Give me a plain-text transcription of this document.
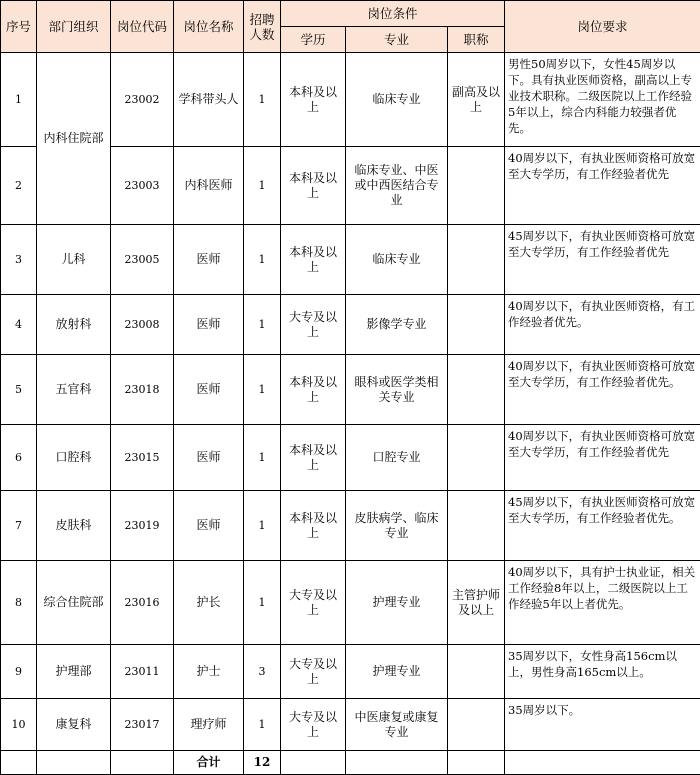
序号	部门组织	岗位代码	岗位名称	招聘人数	岗位条件			岗位要求
					学历	专业	职称	
1	内科住院部	23002	学科带头人	1	本科及以上	临床专业	副高及以上	男性50周岁以下，女性45周岁以下。具有执业医师资格，副高以上专业技术职称。二级医院以上工作经验5年以上，综合内科能力较强者优先。
2		23003	内科医师	1	本科及以上	临床专业、中医或中西医结合专业		40周岁以下，有执业医师资格可放宽至大专学历，有工作经验者优先
3	儿科	23005	医师	1	本科及以上	临床专业		45周岁以下，有执业医师资格可放宽至大专学历，有工作经验者优先
4	放射科	23008	医师	1	大专及以上	影像学专业		40周岁以下，有执业医师资格，有工作经验者优先。
5	五官科	23018	医师	1	本科及以上	眼科或医学类相关专业		40周岁以下，有执业医师资格可放宽至大专学历，有工作经验者优先。
6	口腔科	23015	医师	1	本科及以上	口腔专业		40周岁以下，有执业医师资格可放宽至大专学历，有工作经验者优先
7	皮肤科	23019	医师	1	本科及以上	皮肤病学、临床专业		45周岁以下，有执业医师资格可放宽至大专学历，有工作经验者优先。
8	综合住院部	23016	护长	1	大专及以上	护理专业	主管护师及以上	40周岁以下，具有护士执业证，相关工作经验8年以上，二级医院以上工作经验5年以上者优先。
9	护理部	23011	护士	3	大专及以上	护理专业		35周岁以下，女性身高156cm以上，男性身高165cm以上。
10	康复科	23017	理疗师	1	大专及以上	中医康复或康复专业		35周岁以下。
			合计	12				
